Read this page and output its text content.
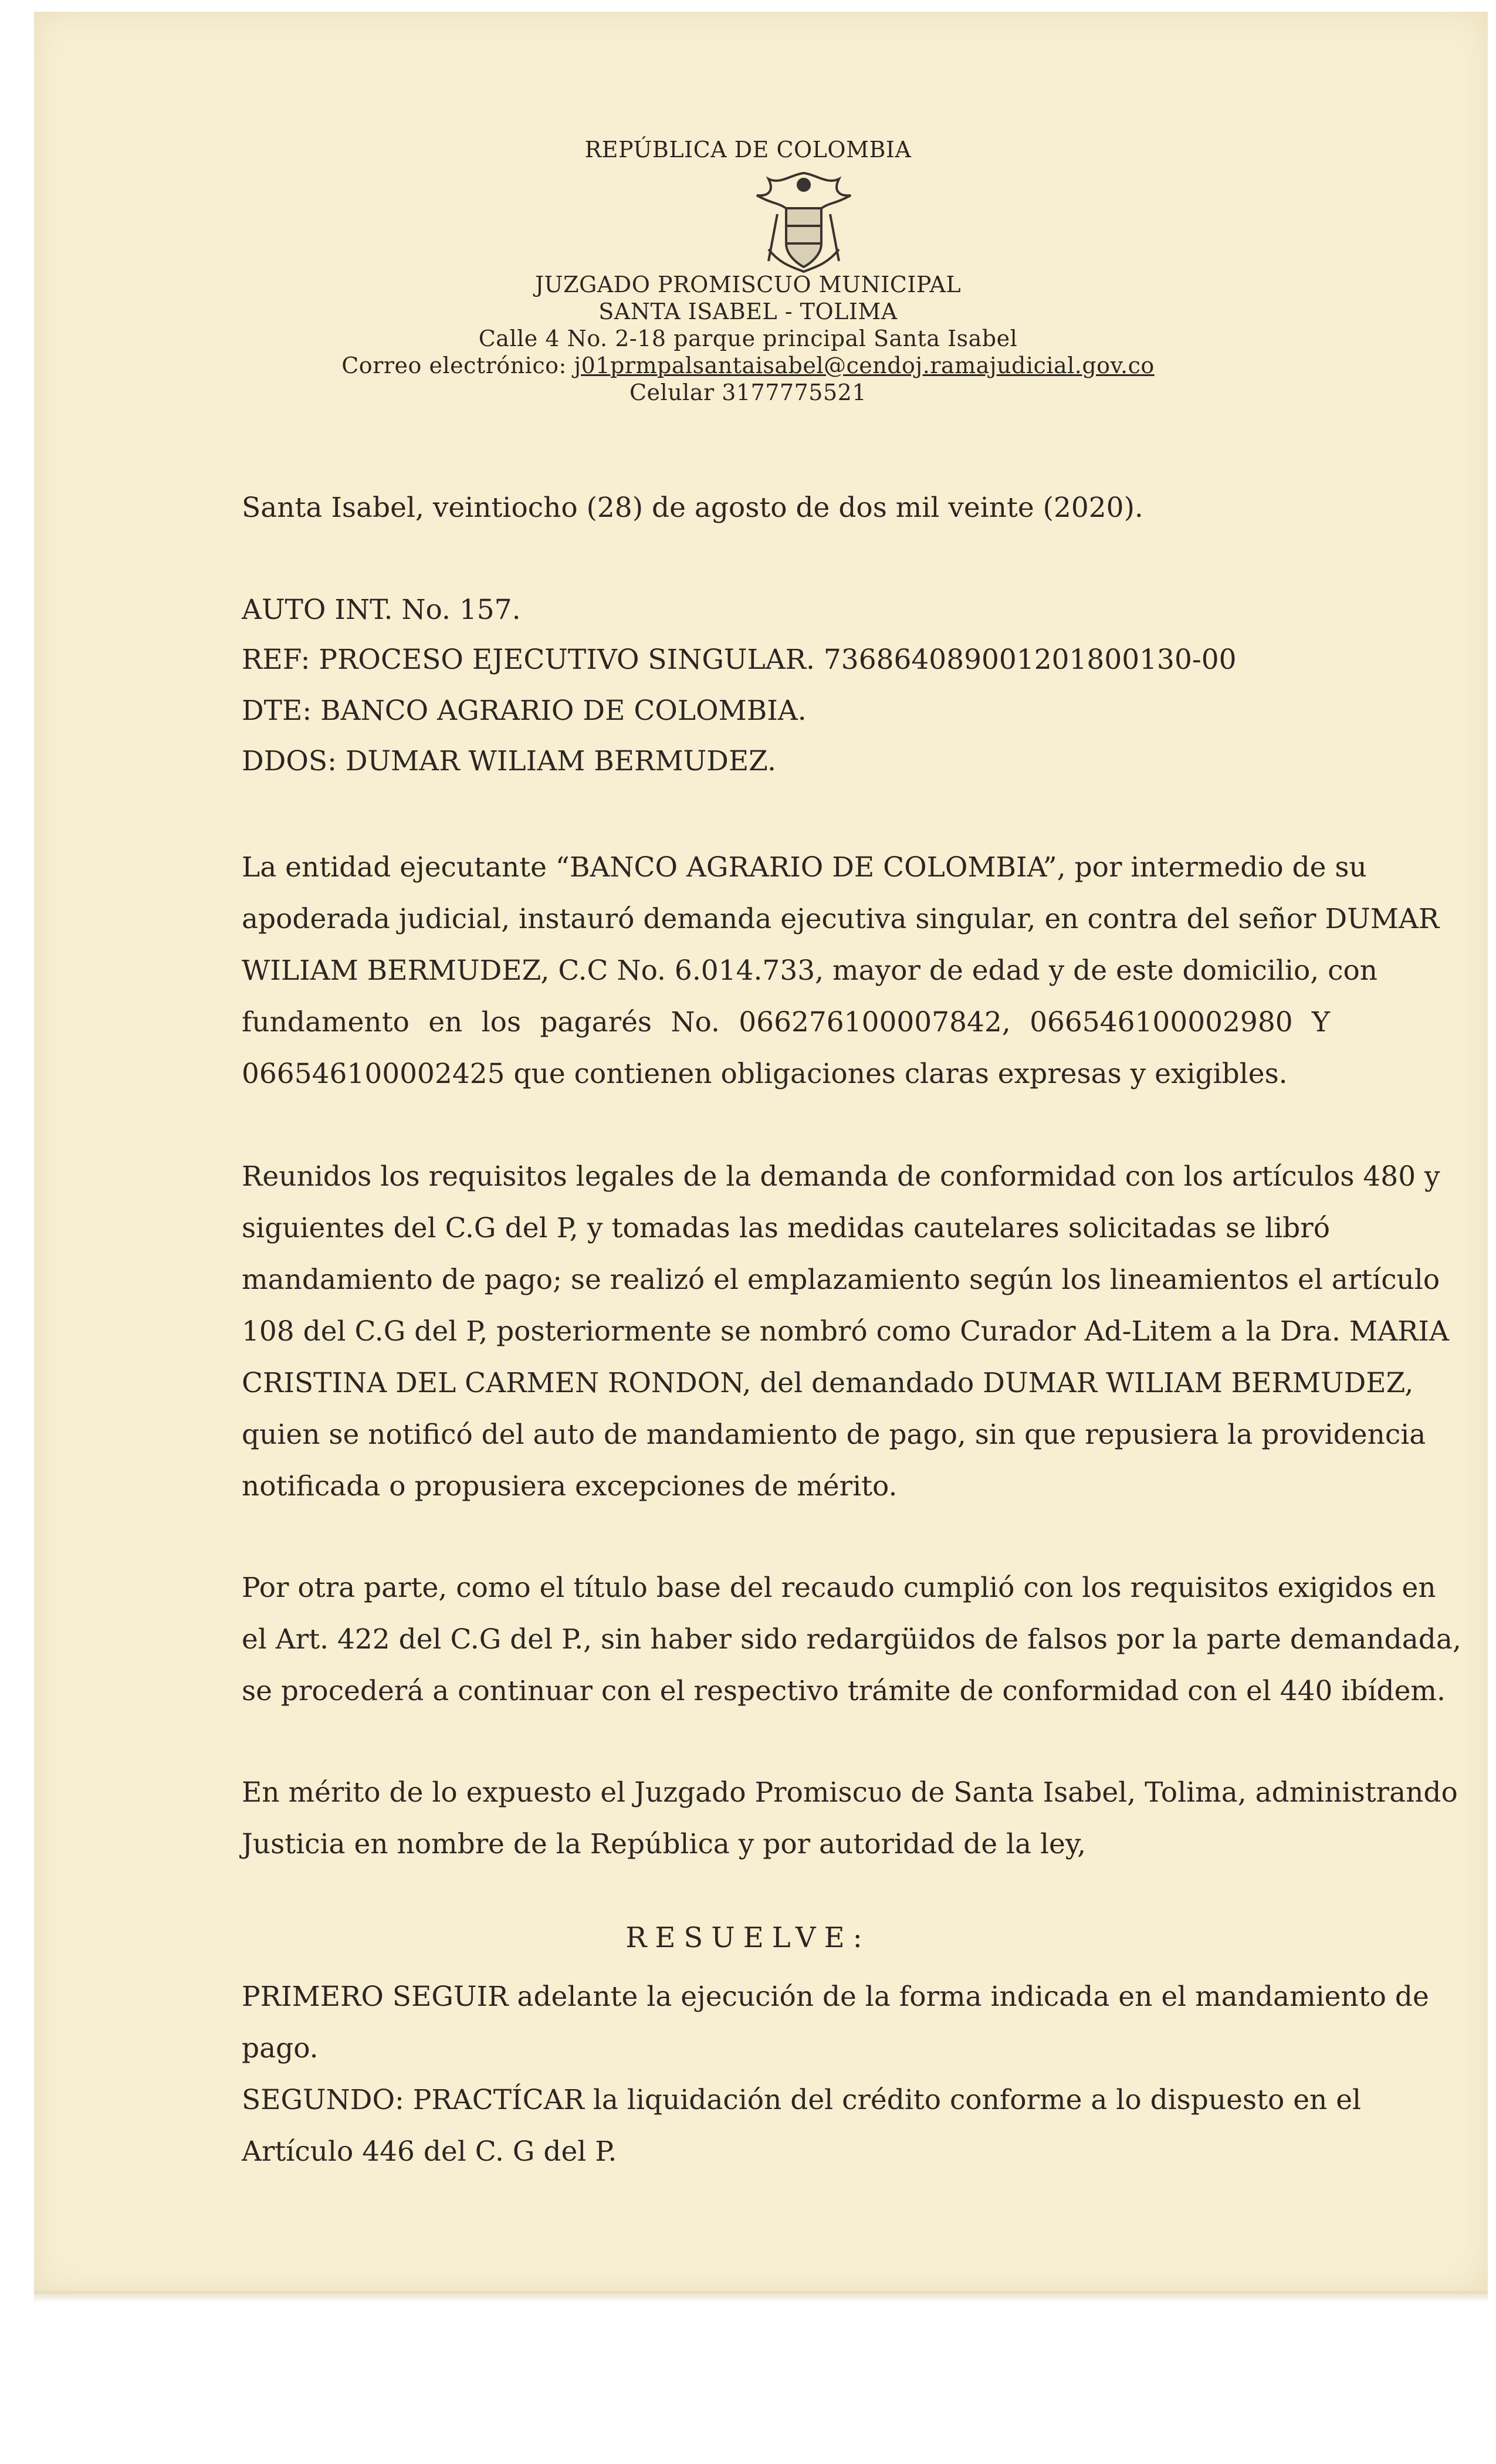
REPÚBLICA DE COLOMBIA
JUZGADO PROMISCUO MUNICIPAL
SANTA ISABEL - TOLIMA
Calle 4 No. 2-18 parque principal Santa Isabel
Correo electrónico: j01prmpalsantaisabel@cendoj.ramajudicial.gov.co
Celular 3177775521
Santa Isabel, veintiocho (28) de agosto de dos mil veinte (2020).
AUTO INT. No. 157.
REF: PROCESO EJECUTIVO SINGULAR. 73686408900120180013​0-00
DTE: BANCO AGRARIO DE COLOMBIA.
DDOS: DUMAR WILIAM BERMUDEZ.
La entidad ejecutante “BANCO AGRARIO DE COLOMBIA”, por intermedio de su
apoderada judicial, instauró demanda ejecutiva singular, en contra del señor DUMAR
WILIAM BERMUDEZ, C.C No. 6.014.733, mayor de edad y de este domicilio, con
fundamento en los pagarés No. 066276100007842, 066546100002980 Y
066546100002425 que contienen obligaciones claras expresas y exigibles.
Reunidos los requisitos legales de la demanda de conformidad con los artículos 480 y
siguientes del C.G del P, y tomadas las medidas cautelares solicitadas se libró
mandamiento de pago; se realizó el emplazamiento según los lineamientos el artículo
108 del C.G del P, posteriormente se nombró como Curador Ad-Litem a la Dra. MARIA
CRISTINA DEL CARMEN RONDON, del demandado DUMAR WILIAM BERMUDEZ,
quien se notificó del auto de mandamiento de pago, sin que repusiera la providencia
notificada o propusiera excepciones de mérito.
Por otra parte, como el título base del recaudo cumplió con los requisitos exigidos en
el Art. 422 del C.G del P., sin haber sido redargüidos de falsos por la parte demandada,
se procederá a continuar con el respectivo trámite de conformidad con el 440 ibídem.
En mérito de lo expuesto el Juzgado Promiscuo de Santa Isabel, Tolima, administrando
Justicia en nombre de la República y por autoridad de la ley,
RESUELVE:
PRIMERO SEGUIR adelante la ejecución de la forma indicada en el mandamiento de
pago.
SEGUNDO: PRACTÍCAR la liquidación del crédito conforme a lo dispuesto en el
Artículo 446 del C. G del P.
